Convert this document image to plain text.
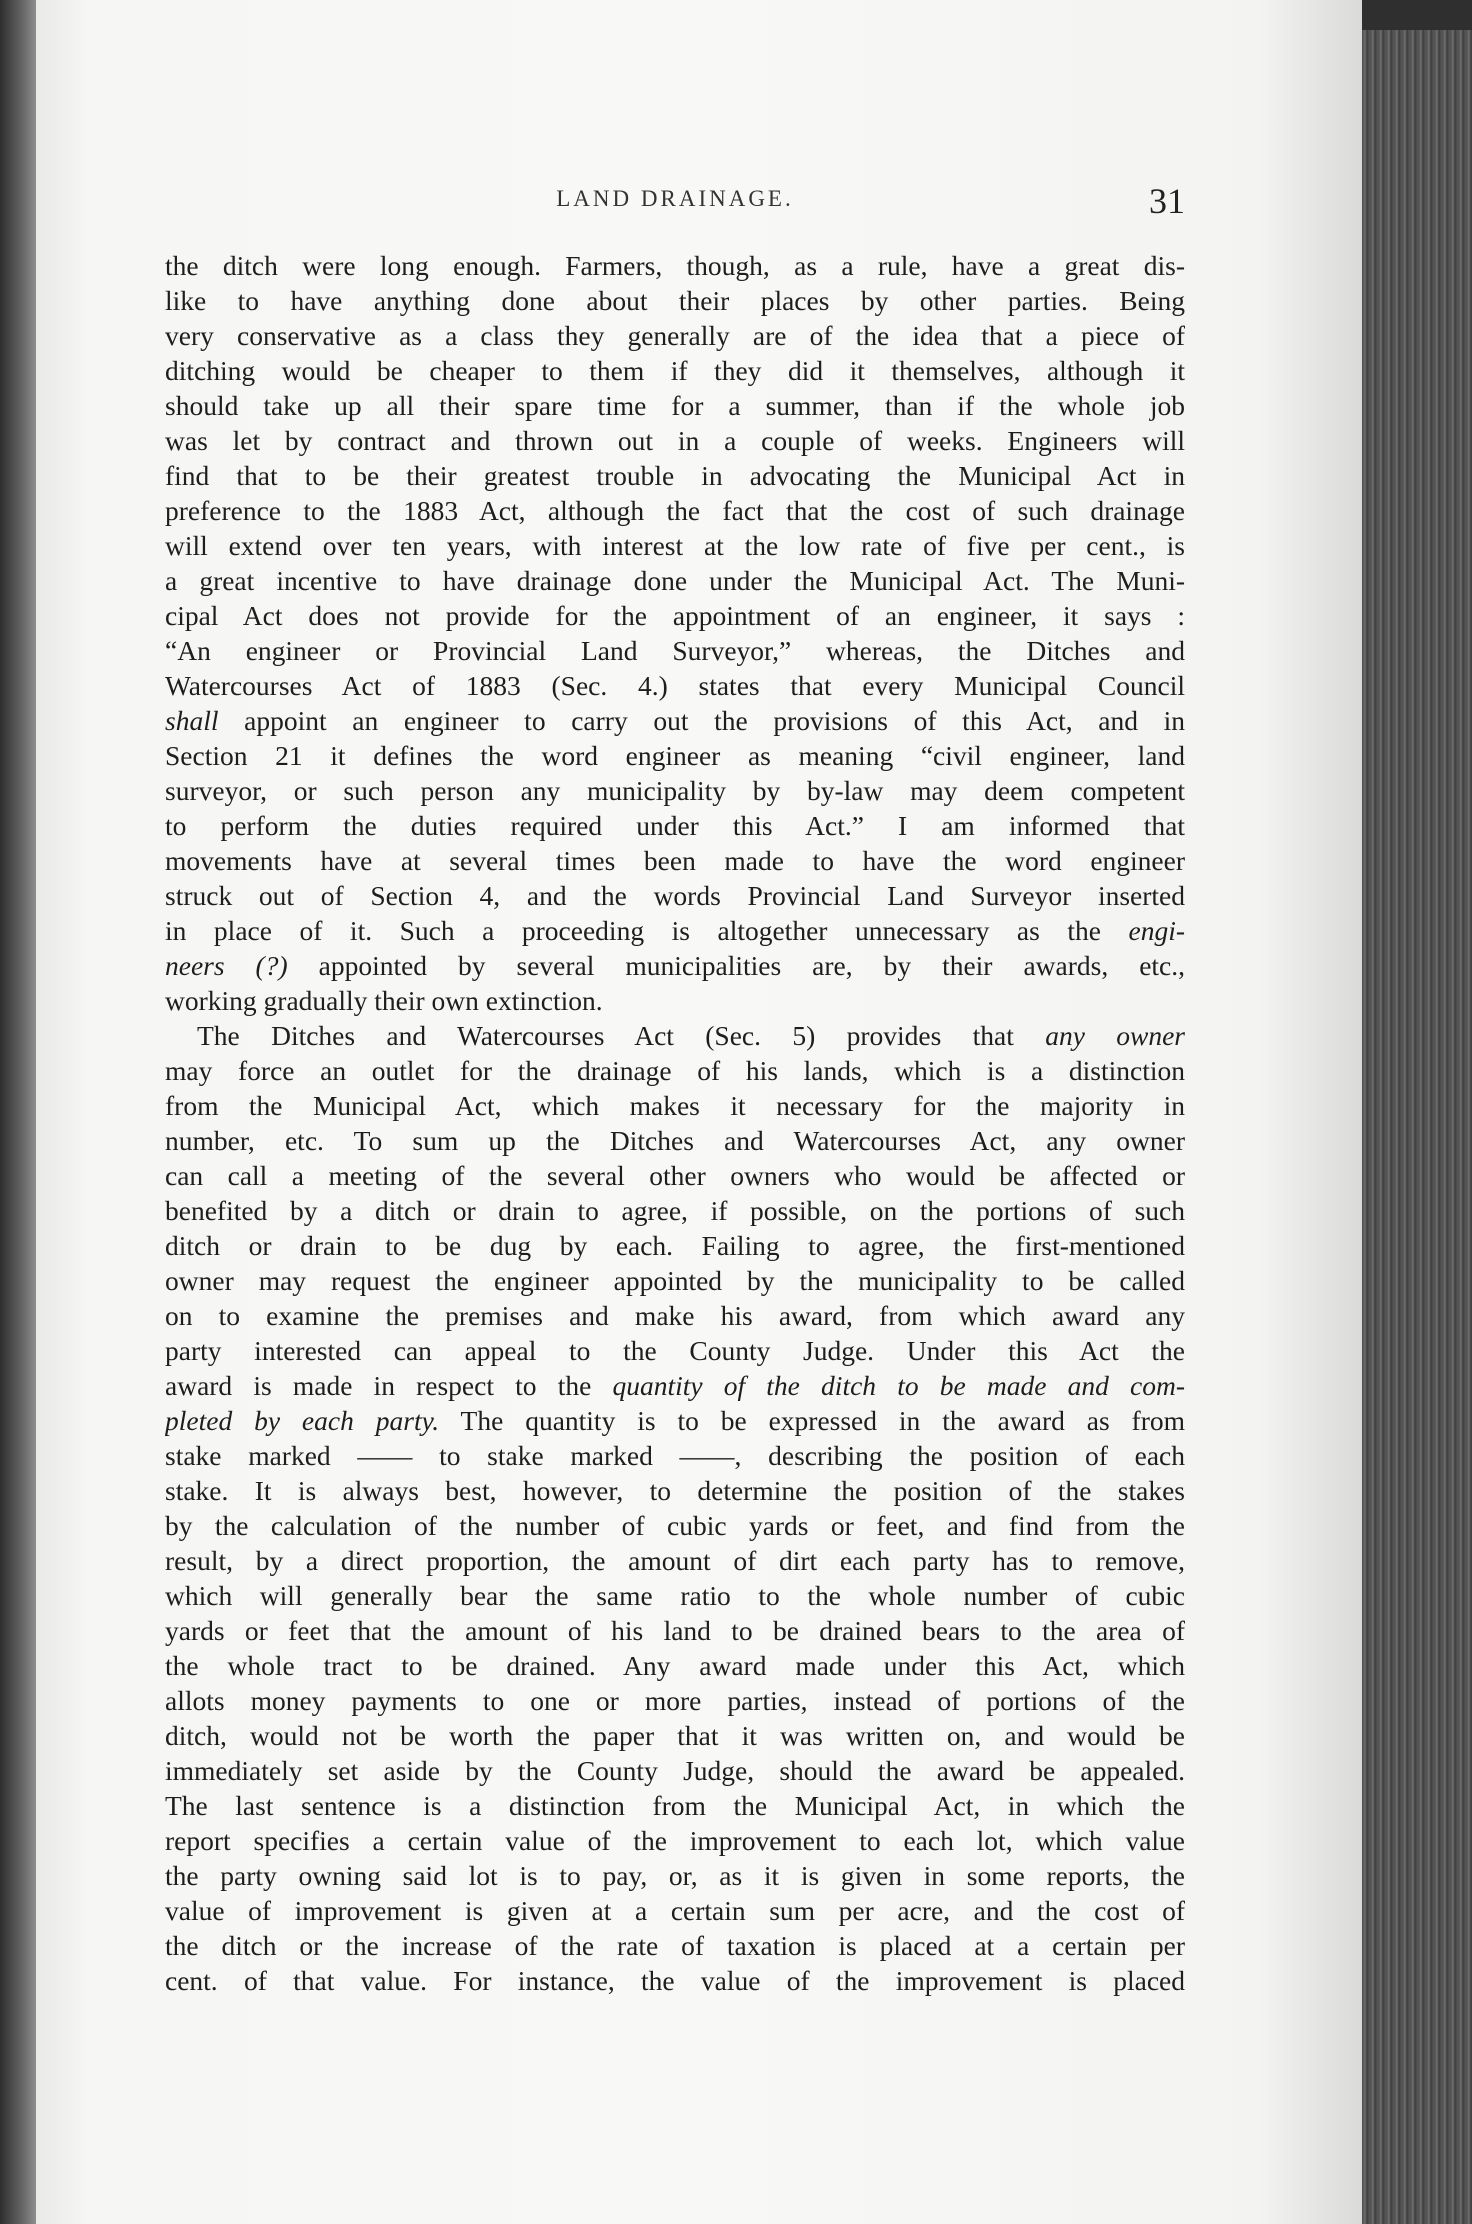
LAND DRAINAGE.	31
the ditch were long enough. Farmers, though, as a rule, have a great dis-
like to have anything done about their places by other parties. Being
very conservative as a class they generally are of the idea that a piece of
ditching would be cheaper to them if they did it themselves, although it
should take up all their spare time for a summer, than if the whole job
was let by contract and thrown out in a couple of weeks. Engineers will
find that to be their greatest trouble in advocating the Municipal Act in
preference to the 1883 Act, although the fact that the cost of such drainage
will extend over ten years, with interest at the low rate of five per cent., is
a great incentive to have drainage done under the Municipal Act. The Muni-
cipal Act does not provide for the appointment of an engineer, it says :
“An engineer or Provincial Land Surveyor,” whereas, the Ditches and
Watercourses Act of 1883 (Sec. 4.) states that every Municipal Council
shall appoint an engineer to carry out the provisions of this Act, and in
Section 21 it defines the word engineer as meaning “civil engineer, land
surveyor, or such person any municipality by by-law may deem competent
to perform the duties required under this Act.” I am informed that
movements have at several times been made to have the word engineer
struck out of Section 4, and the words Provincial Land Surveyor inserted
in place of it. Such a proceeding is altogether unnecessary as the engi-
neers (?) appointed by several municipalities are, by their awards, etc.,
working gradually their own extinction.
The Ditches and Watercourses Act (Sec. 5) provides that any owner
may force an outlet for the drainage of his lands, which is a distinction
from the Municipal Act, which makes it necessary for the majority in
number, etc. To sum up the Ditches and Watercourses Act, any owner
can call a meeting of the several other owners who would be affected or
benefited by a ditch or drain to agree, if possible, on the portions of such
ditch or drain to be dug by each. Failing to agree, the first-mentioned
owner may request the engineer appointed by the municipality to be called
on to examine the premises and make his award, from which award any
party interested can appeal to the County Judge. Under this Act the
award is made in respect to the quantity of the ditch to be made and com-
pleted by each party. The quantity is to be expressed in the award as from
stake marked —— to stake marked ——, describing the position of each
stake. It is always best, however, to determine the position of the stakes
by the calculation of the number of cubic yards or feet, and find from the
result, by a direct proportion, the amount of dirt each party has to remove,
which will generally bear the same ratio to the whole number of cubic
yards or feet that the amount of his land to be drained bears to the area of
the whole tract to be drained. Any award made under this Act, which
allots money payments to one or more parties, instead of portions of the
ditch, would not be worth the paper that it was written on, and would be
immediately set aside by the County Judge, should the award be appealed.
The last sentence is a distinction from the Municipal Act, in which the
report specifies a certain value of the improvement to each lot, which value
the party owning said lot is to pay, or, as it is given in some reports, the
value of improvement is given at a certain sum per acre, and the cost of
the ditch or the increase of the rate of taxation is placed at a certain per
cent. of that value. For instance, the value of the improvement is placed
